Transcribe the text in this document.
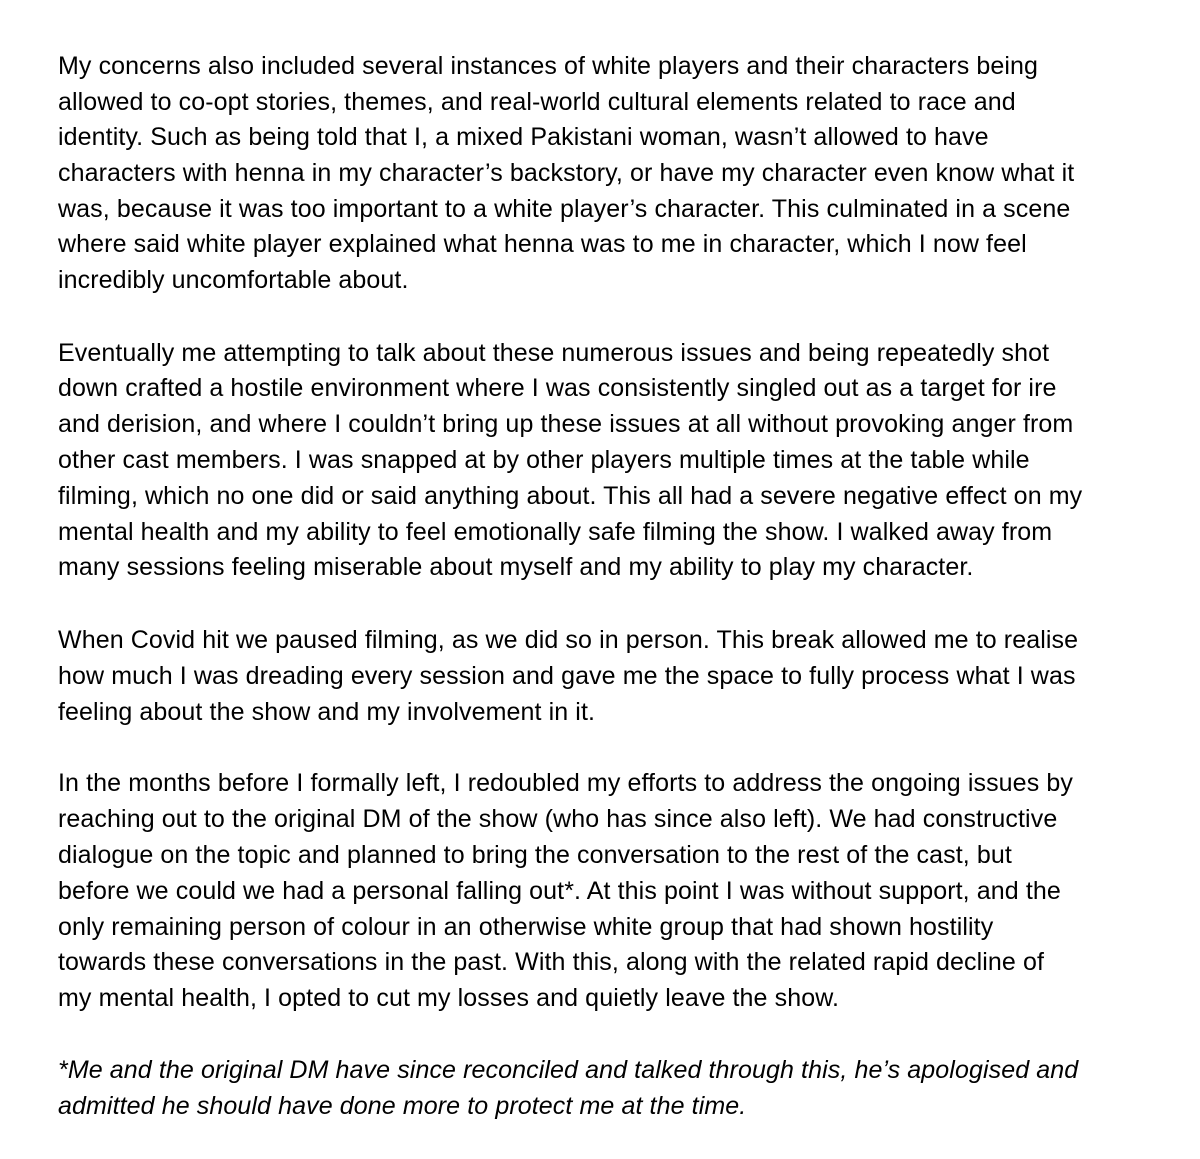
My concerns also included several instances of white players and their characters being
allowed to co-opt stories, themes, and real-world cultural elements related to race and
identity. Such as being told that I, a mixed Pakistani woman, wasn’t allowed to have
characters with henna in my character’s backstory, or have my character even know what it
was, because it was too important to a white player’s character. This culminated in a scene
where said white player explained what henna was to me in character, which I now feel
incredibly uncomfortable about.
Eventually me attempting to talk about these numerous issues and being repeatedly shot
down crafted a hostile environment where I was consistently singled out as a target for ire
and derision, and where I couldn’t bring up these issues at all without provoking anger from
other cast members. I was snapped at by other players multiple times at the table while
filming, which no one did or said anything about. This all had a severe negative effect on my
mental health and my ability to feel emotionally safe filming the show. I walked away from
many sessions feeling miserable about myself and my ability to play my character.
When Covid hit we paused filming, as we did so in person. This break allowed me to realise
how much I was dreading every session and gave me the space to fully process what I was
feeling about the show and my involvement in it.
In the months before I formally left, I redoubled my efforts to address the ongoing issues by
reaching out to the original DM of the show (who has since also left). We had constructive
dialogue on the topic and planned to bring the conversation to the rest of the cast, but
before we could we had a personal falling out*. At this point I was without support, and the
only remaining person of colour in an otherwise white group that had shown hostility
towards these conversations in the past. With this, along with the related rapid decline of
my mental health, I opted to cut my losses and quietly leave the show.
*Me and the original DM have since reconciled and talked through this, he’s apologised and
admitted he should have done more to protect me at the time.
